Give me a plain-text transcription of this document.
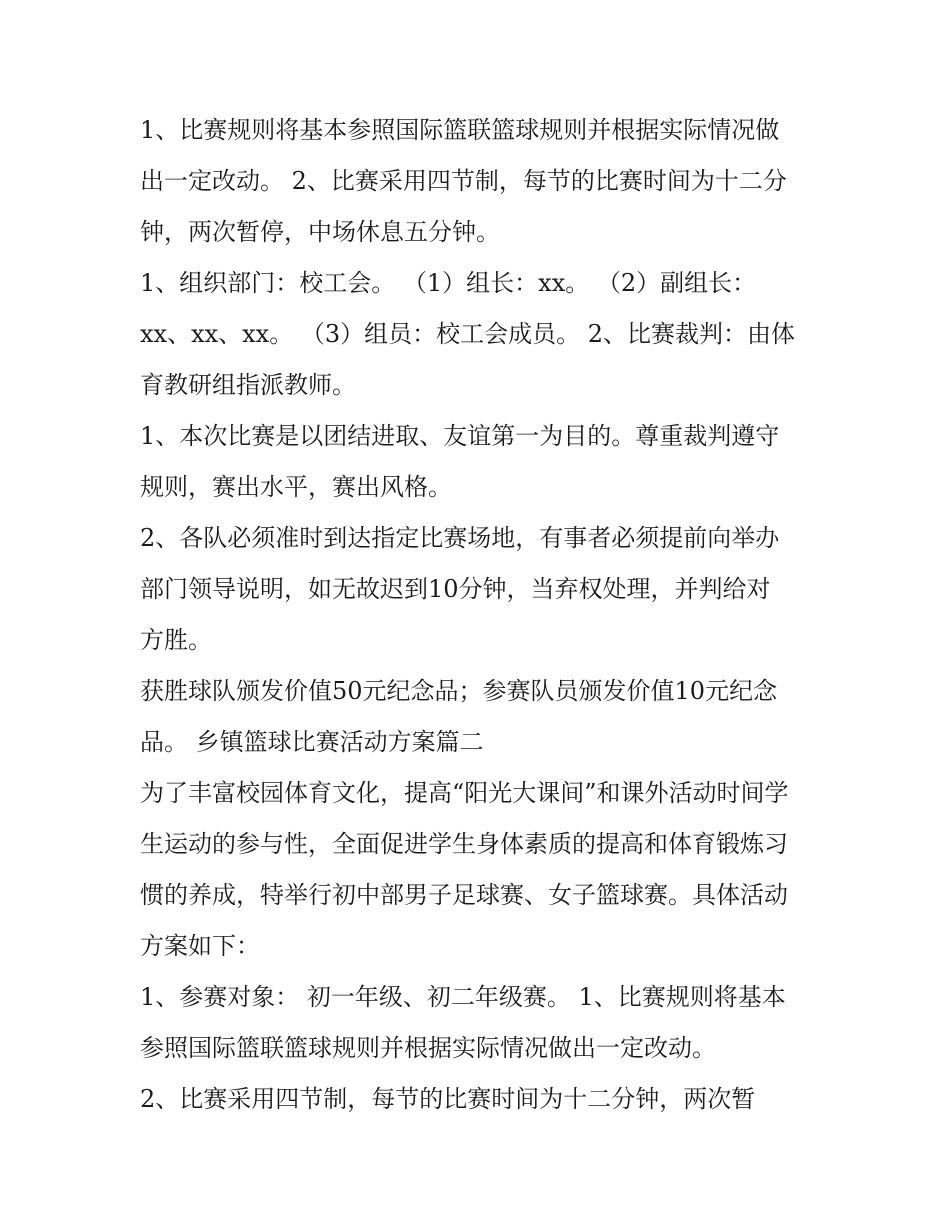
1、比赛规则将基本参照国际篮联篮球规则并根据实际情况做
出一定改动。 2、比赛采用四节制，每节的比赛时间为十二分
钟，两次暂停，中场休息五分钟。
1、组织部门：校工会。 （1）组长：xx。 （2）副组长：
xx、xx、xx。 （3）组员：校工会成员。 2、比赛裁判：由体
育教研组指派教师。
1、本次比赛是以团结进取、友谊第一为目的。尊重裁判遵守
规则，赛出水平，赛出风格。
2、各队必须准时到达指定比赛场地，有事者必须提前向举办
部门领导说明，如无故迟到10分钟，当弃权处理，并判给对
方胜。
获胜球队颁发价值50元纪念品；参赛队员颁发价值10元纪念
品。 乡镇篮球比赛活动方案篇二
为了丰富校园体育文化，提高“阳光大课间”和课外活动时间学
生运动的参与性，全面促进学生身体素质的提高和体育锻炼习
惯的养成，特举行初中部男子足球赛、女子篮球赛。具体活动
方案如下：
1、参赛对象： 初一年级、初二年级赛。 1、比赛规则将基本
参照国际篮联篮球规则并根据实际情况做出一定改动。
2、比赛采用四节制，每节的比赛时间为十二分钟，两次暂
